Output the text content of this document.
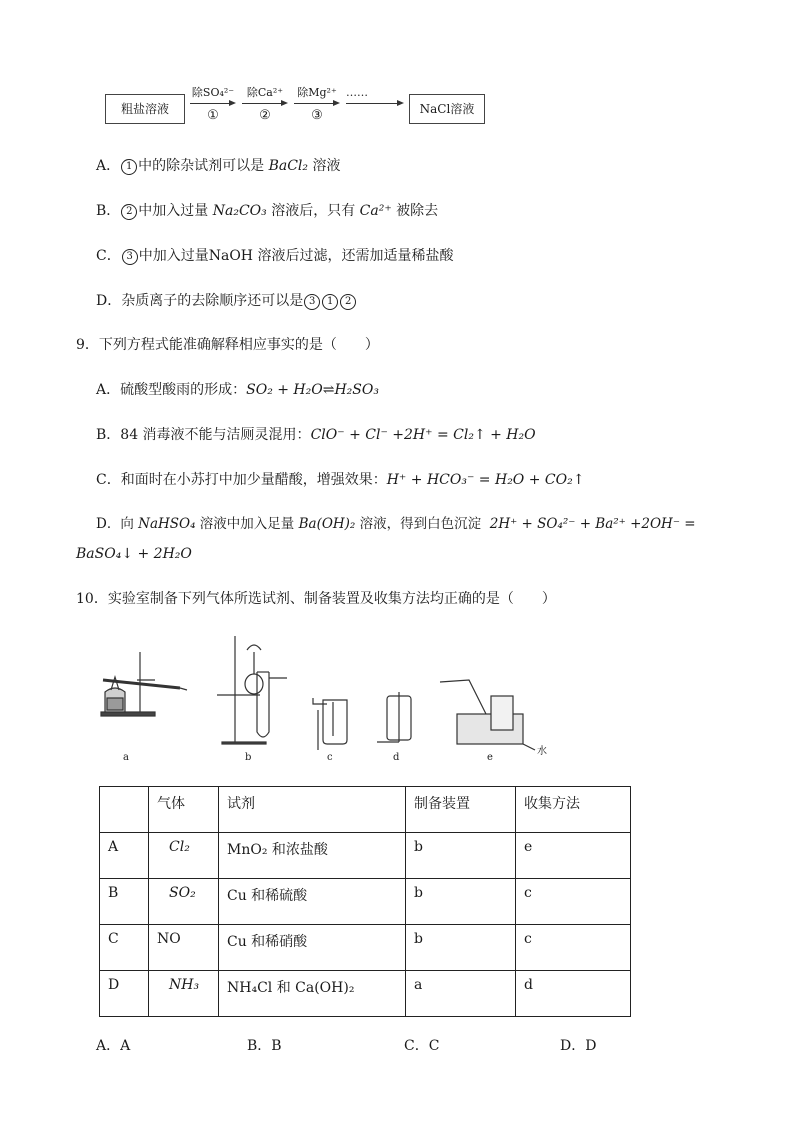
粗盐溶液
除SO₄²⁻
①
除Ca²⁺
②
除Mg²⁺
③
……
NaCl溶液
A． 1 中的除杂试剂可以是 BaCl₂ 溶液
B． 2 中加入过量 Na₂CO₃ 溶液后，只有 Ca²⁺ 被除去
C． 3 中加入过量NaOH 溶液后过滤，还需加适量稀盐酸
D．杂质离子的去除顺序还可以是 3 1 2
9．下列方程式能准确解释相应事实的是（　　）
A．硫酸型酸雨的形成：SO₂ + H₂O⇌H₂SO₃
B．84 消毒液不能与洁厕灵混用：ClO⁻ + Cl⁻ +2H⁺ = Cl₂↑ + H₂O
C．和面时在小苏打中加少量醋酸，增强效果：H⁺ + HCO₃⁻ = H₂O + CO₂↑
D．向 NaHSO₄ 溶液中加入足量 Ba(OH)₂ 溶液，得到白色沉淀 2H⁺ + SO₄²⁻ + Ba²⁺ +2OH⁻ =
BaSO₄↓ + 2H₂O
10．实验室制备下列气体所选试剂、制备装置及收集方法均正确的是（　　）
a	b	c	d	e
水
	气体	试剂	制备装置	收集方法
A	Cl₂	MnO₂ 和浓盐酸	b	e
B	SO₂	Cu 和稀硫酸	b	c
C	NO	Cu 和稀硝酸	b	c
D	NH₃	NH₄Cl 和 Ca(OH)₂	a	d
A．A	B．B	C．C	D．D
